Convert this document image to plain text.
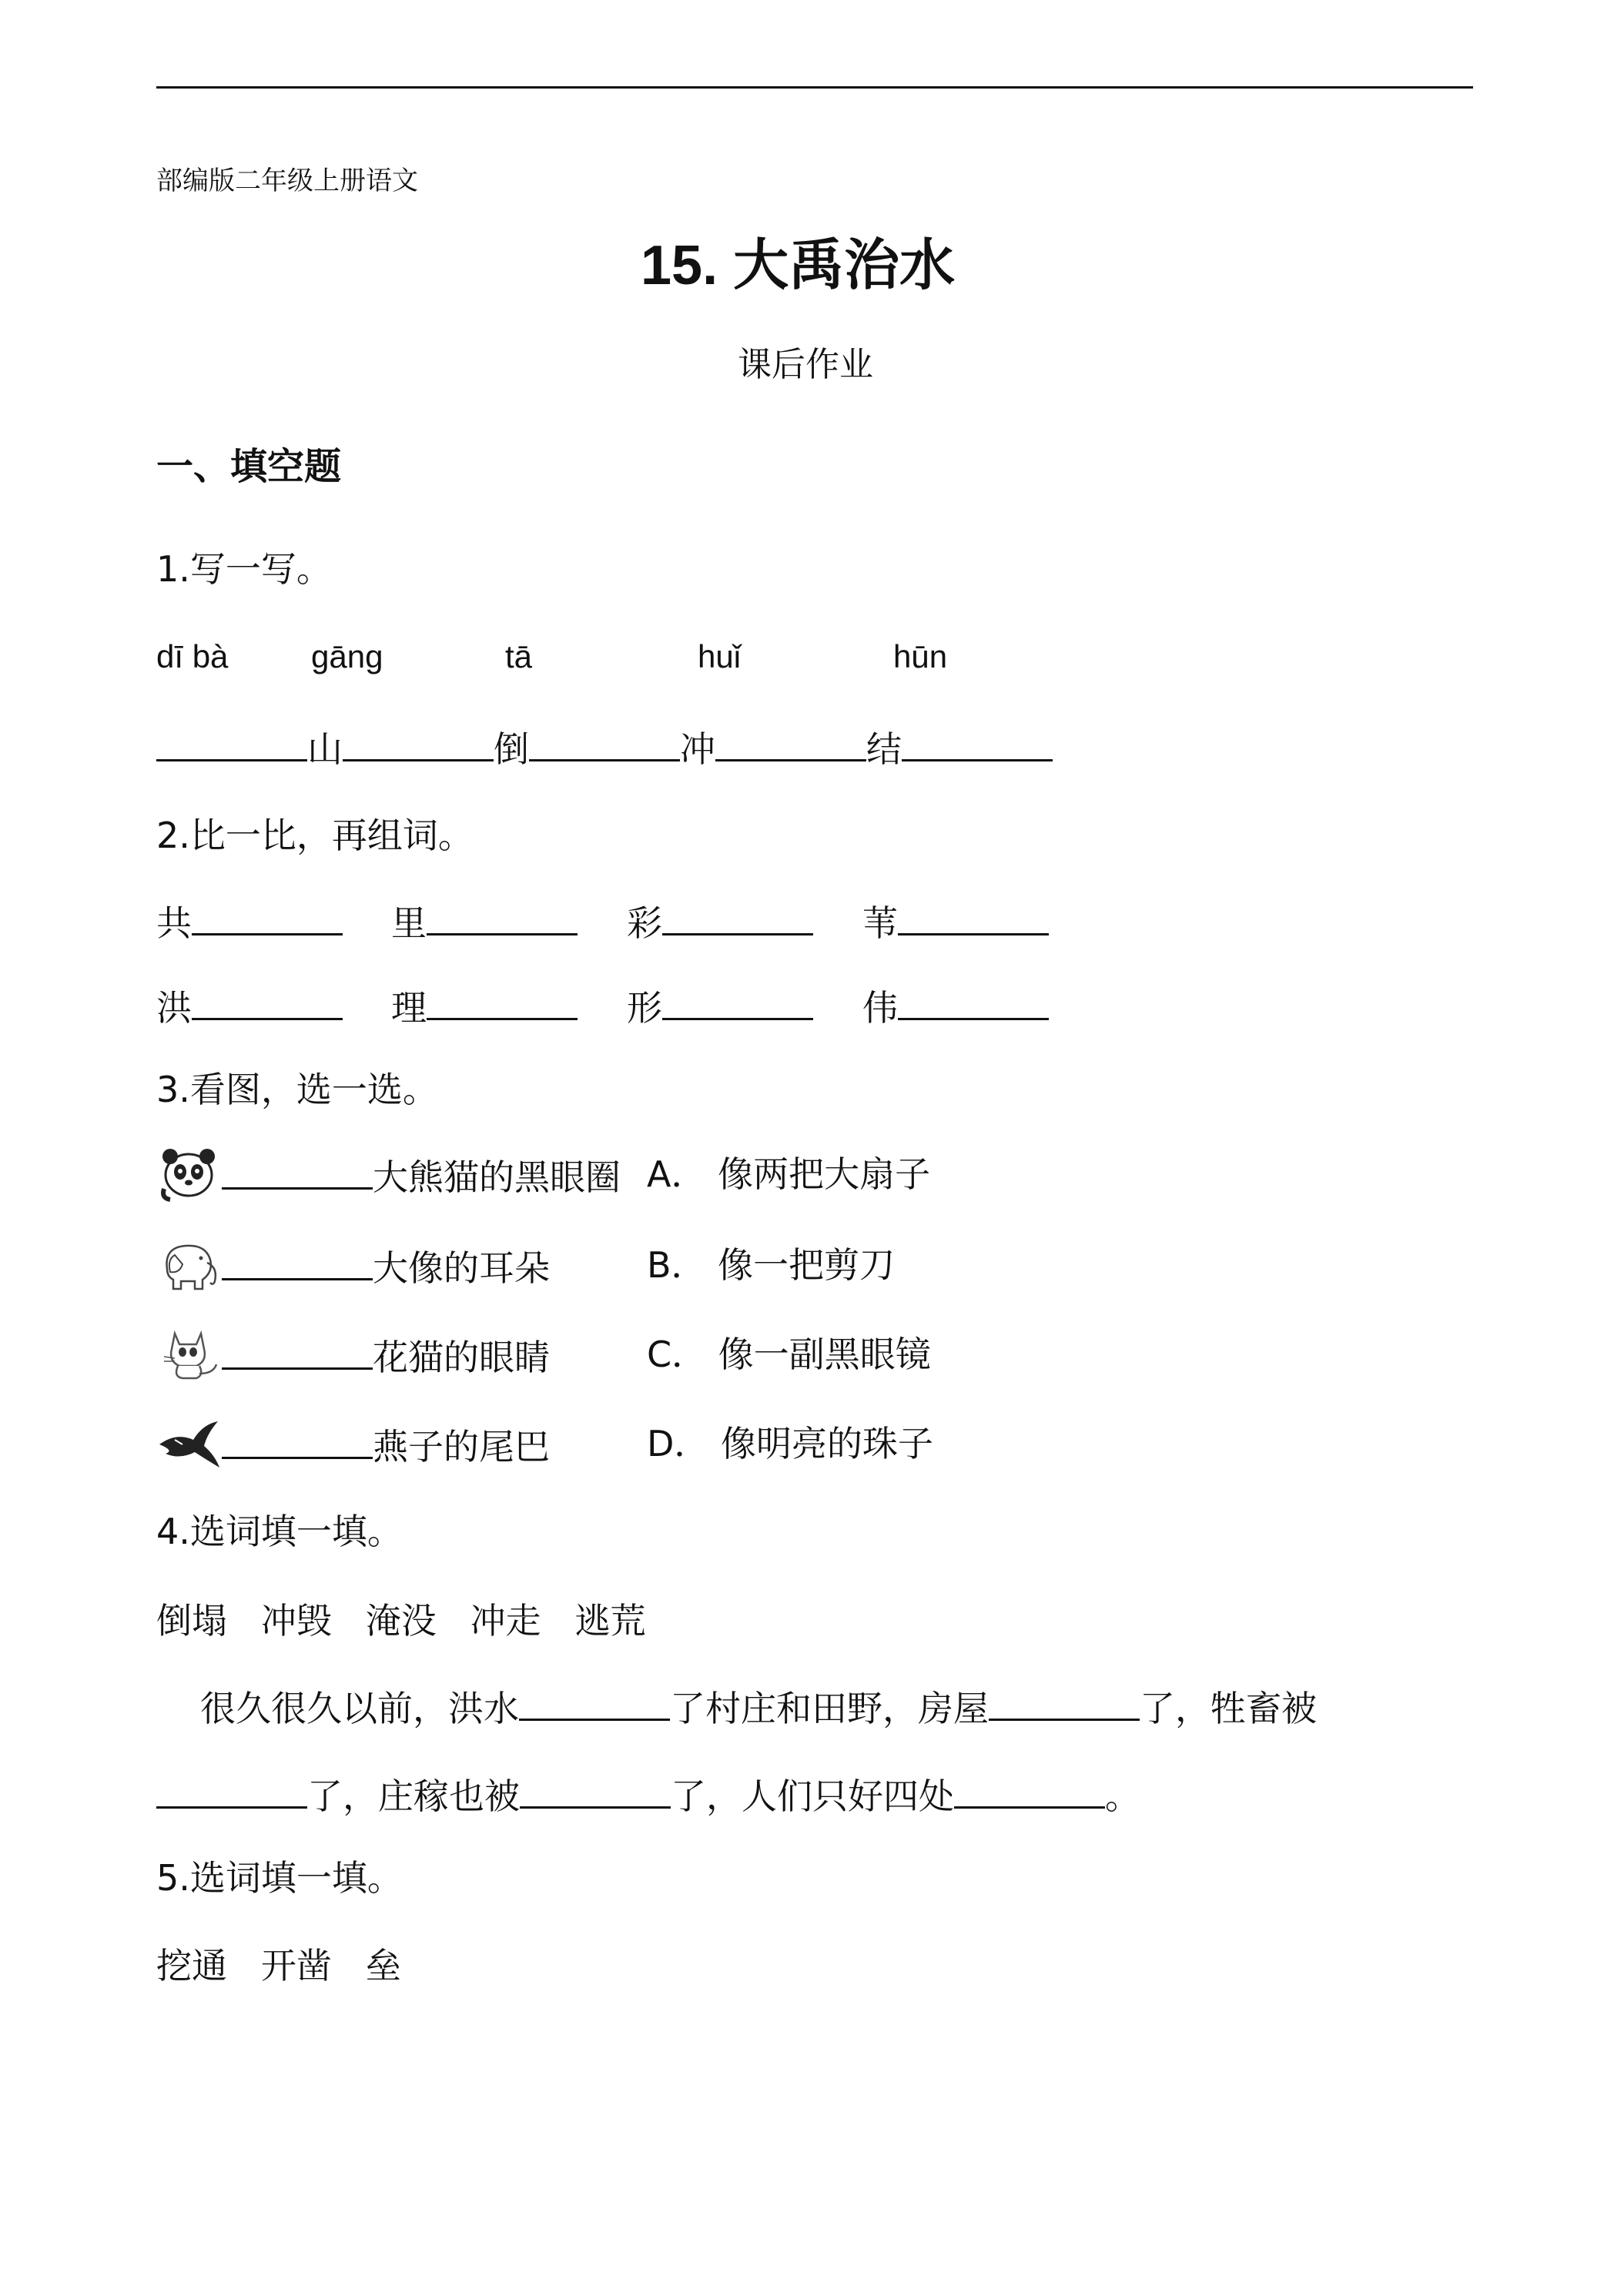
部编版二年级上册语文
15. 大禹治水
课后作业
一、填空题
1.写一写。
dī bà	gāng	tā	huǐ	hūn
山	倒	冲	结
2.比一比，再组词。
共	里	彩	苇
洪	理	形	伟
3.看图，选一选。
大熊猫的黑眼圈 A． 像两把大扇子
大像的耳朵	B． 像一把剪刀
花猫的眼睛	C． 像一副黑眼镜
燕子的尾巴	D． 像明亮的珠子
4.选词填一填。
倒塌   冲毁   淹没   冲走   逃荒
很久很久以前，洪水	了村庄和田野，房屋	了，牲畜被
了，庄稼也被	了，人们只好四处	。
5.选词填一填。
挖通   开凿   垒
